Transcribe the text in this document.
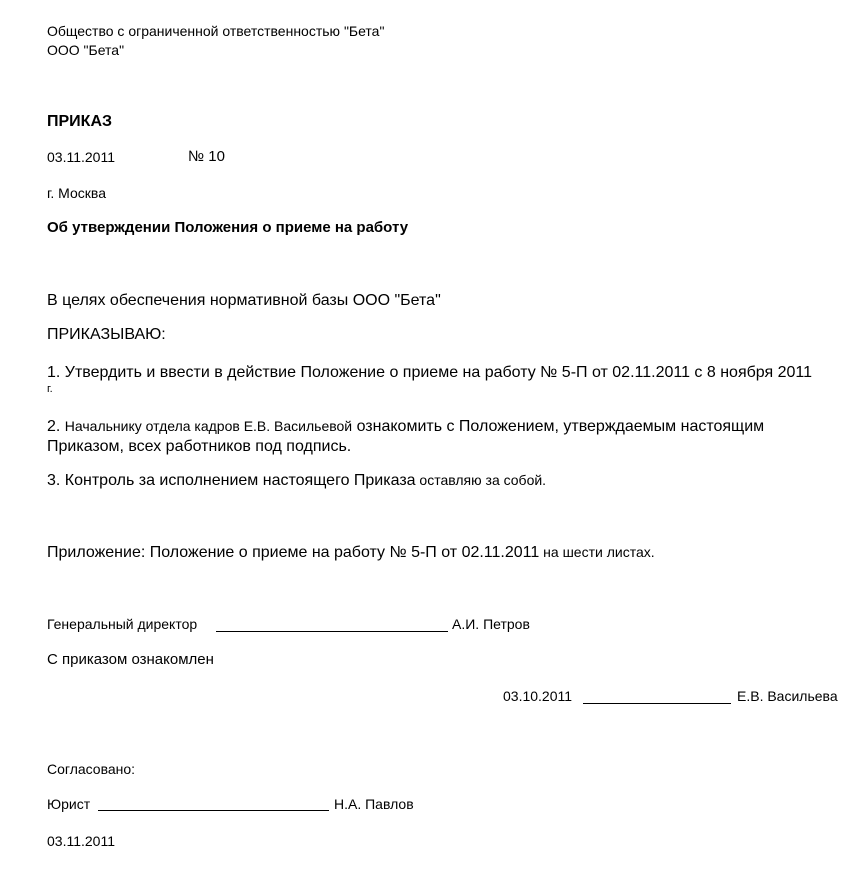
Общество с ограниченной ответственностью "Бета"
ООО "Бета"
ПРИКАЗ
03.11.2011	№ 10
г. Москва
Об утверждении Положения о приеме на работу
В целях обеспечения нормативной базы ООО "Бета"
ПРИКАЗЫВАЮ:
1. Утвердить и ввести в действие Положение о приеме на работу № 5-П от 02.11.2011 с 8 ноября 2011
г.
2. Начальнику отдела кадров Е.В. Васильевой ознакомить с Положением, утверждаемым настоящим
Приказом, всех работников под подпись.
3. Контроль за исполнением настоящего Приказа оставляю за собой.
Приложение: Положение о приеме на работу № 5-П от 02.11.2011 на шести листах.
Генеральный директор	А.И. Петров
С приказом ознакомлен
03.10.2011	Е.В. Васильева
Согласовано:
Юрист	Н.А. Павлов
03.11.2011
